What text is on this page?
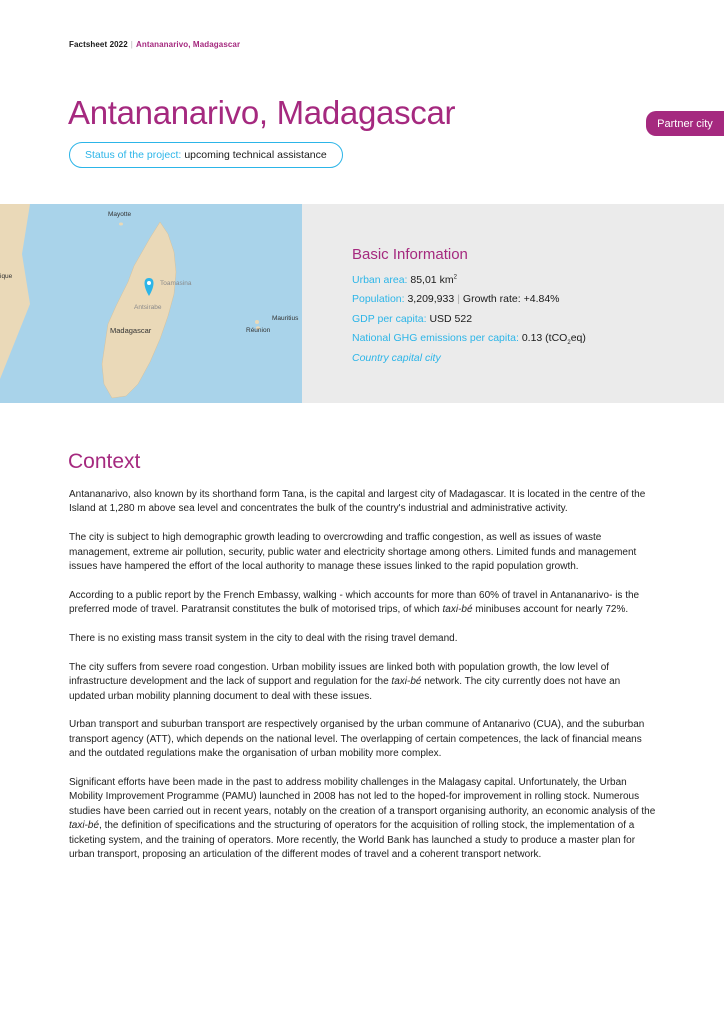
Factsheet 2022 | Antananarivo, Madagascar
Antananarivo, Madagascar	Partner city
Status of the project: upcoming technical assistance
Mayotte
ique
Toamasina
Antsirabe
Madagascar	Réunion
Mauritius
Basic Information
Urban area: 85,01 $km^2$
Population: 3,209,933 | Growth rate: +4.84%
GDP per capita: USD 522
National GHG emissions per capita: 0.13 (tCO$_2$eq)
Country capital city
Context

Antananarivo, also known by its shorthand form Tana, is the capital and largest city of Madagascar. It is located in the centre of the Island at 1,280 m above sea level and concentrates the bulk of the country's industrial and administrative activity.

The city is subject to high demographic growth leading to overcrowding and traffic congestion, as well as issues of waste management, extreme air pollution, security, public water and electricity shortage among others. Limited funds and management issues have hampered the effort of the local authority to manage these issues linked to the rapid population growth.

According to a public report by the French Embassy, walking - which accounts for more than 60% of travel in Antananarivo- is the preferred mode of travel. Paratransit constitutes the bulk of motorised trips, of which taxi-bé minibuses account for nearly 72%.

There is no existing mass transit system in the city to deal with the rising travel demand.

The city suffers from severe road congestion. Urban mobility issues are linked both with population growth, the low level of infrastructure development and the lack of support and regulation for the taxi-bé network. The city currently does not have an updated urban mobility planning document to deal with these issues.

Urban transport and suburban transport are respectively organised by the urban commune of Antanarivo (CUA), and the suburban transport agency (ATT), which depends on the national level. The overlapping of certain competences, the lack of financial means and the outdated regulations make the organisation of urban mobility more complex.

Significant efforts have been made in the past to address mobility challenges in the Malagasy capital. Unfortunately, the Urban Mobility Improvement Programme (PAMU) launched in 2008 has not led to the hoped-for improvement in rolling stock. Numerous studies have been carried out in recent years, notably on the creation of a transport organising authority, an economic analysis of the taxi-bé, the definition of specifications and the structuring of operators for the acquisition of rolling stock, the implementation of a ticketing system, and the training of operators. More recently, the World Bank has launched a study to produce a master plan for urban transport, proposing an articulation of the different modes of travel and a coherent transport network.
